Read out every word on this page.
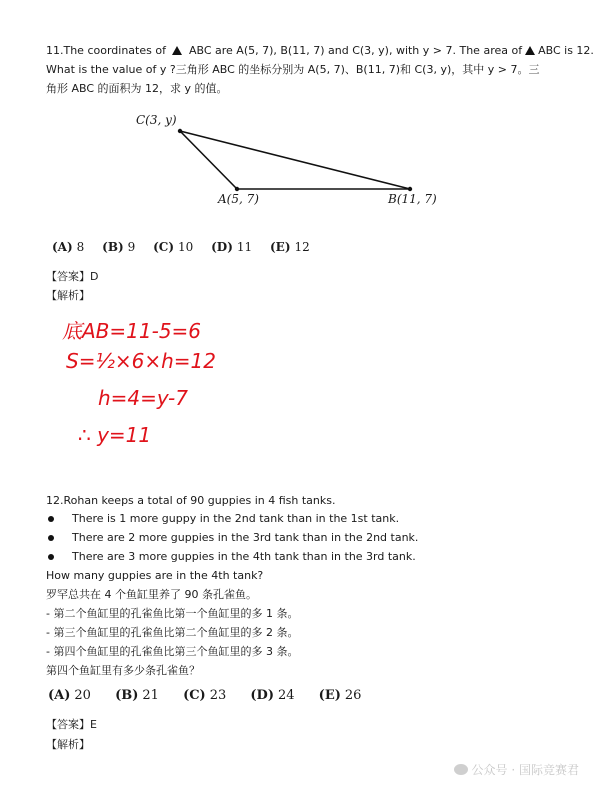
11.The coordinates of  ABC are A(5, 7), B(11, 7) and C(3, y), with y > 7. The area of ABC is 12.
What is the value of y ?三角形 ABC 的坐标分别为 A(5, 7)、B(11, 7)和 C(3, y)，其中 y > 7。三
角形 ABC 的面积为 12，求 y 的值。
C(3, y)
A(5, 7)	B(11, 7)
(A) 8 (B) 9 (C) 10 (D) 11 (E) 12
【答案】D
【解析】
底AB=11-5=6
S=½×6×h=12
h=4=y-7
∴ y=11
12.Rohan keeps a total of 90 guppies in 4 fish tanks.
There is 1 more guppy in the 2nd tank than in the 1st tank.
There are 2 more guppies in the 3rd tank than in the 2nd tank.
There are 3 more guppies in the 4th tank than in the 3rd tank.
How many guppies are in the 4th tank?
罗罕总共在 4 个鱼缸里养了 90 条孔雀鱼。
- 第二个鱼缸里的孔雀鱼比第一个鱼缸里的多 1 条。
- 第三个鱼缸里的孔雀鱼比第二个鱼缸里的多 2 条。
- 第四个鱼缸里的孔雀鱼比第三个鱼缸里的多 3 条。
第四个鱼缸里有多少条孔雀鱼？
(A) 20 (B) 21 (C) 23 (D) 24 (E) 26
【答案】E
【解析】
公众号 · 国际竞赛君
